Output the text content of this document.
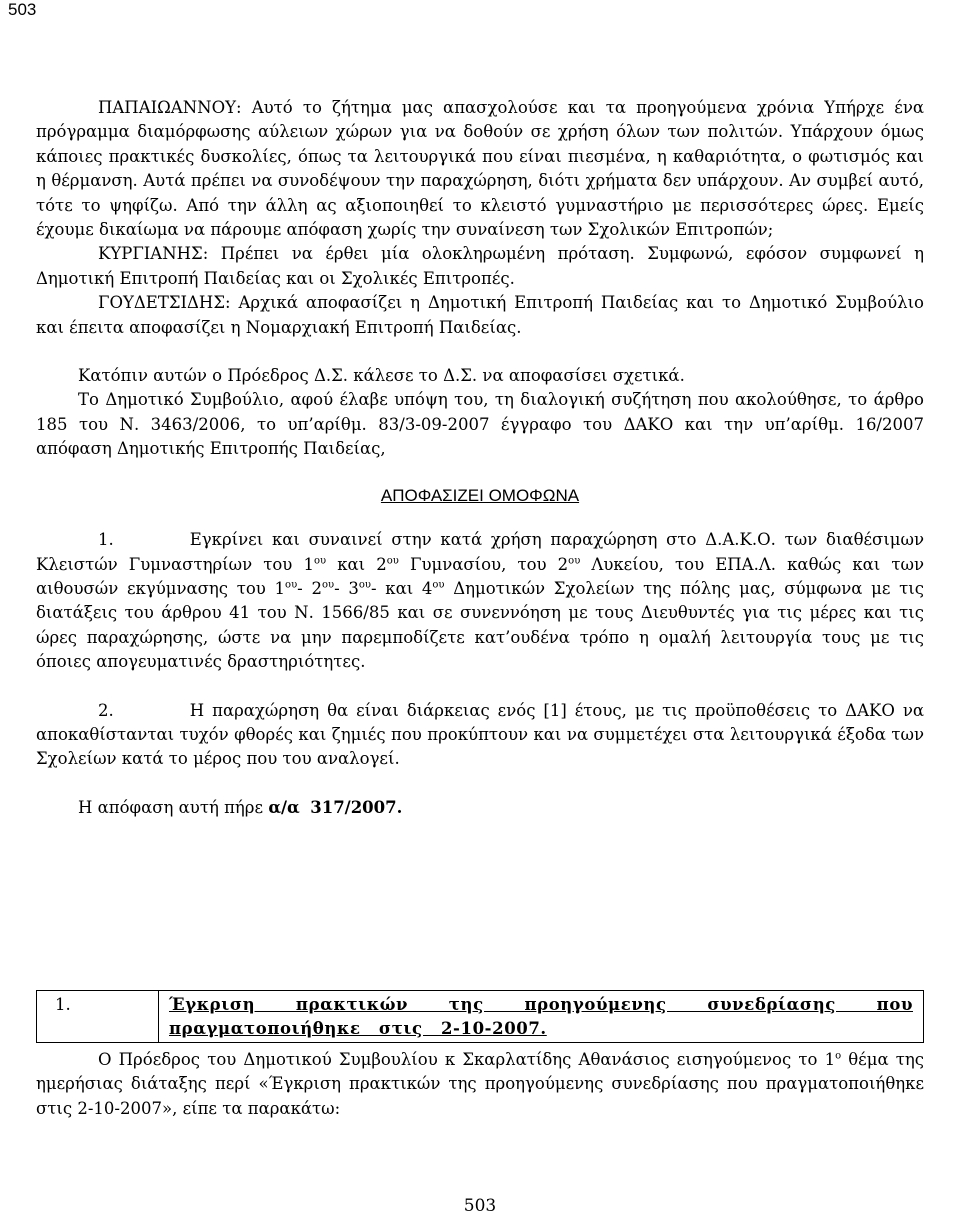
503

ΠΑΠΑΙΩΑΝΝΟΥ: Αυτό το ζήτημα μας απασχολούσε και τα προηγούμενα χρόνια Υπήρχε ένα πρόγραμμα διαμόρφωσης αύλειων χώρων για να δοθούν σε χρήση όλων των πολιτών. Υπάρχουν όμως κάποιες πρακτικές δυσκολίες, όπως τα λειτουργικά που είναι πιεσμένα, η καθαριότητα, ο φωτισμός και η θέρμανση. Αυτά πρέπει να συνοδέψουν την παραχώρηση, διότι χρήματα δεν υπάρχουν. Αν συμβεί αυτό, τότε το ψηφίζω. Από την άλλη ας αξιοποιηθεί το κλειστό γυμναστήριο με περισσότερες ώρες. Εμείς έχουμε δικαίωμα να πάρουμε απόφαση χωρίς την συναίνεση των Σχολικών Επιτροπών;

ΚΥΡΓΙΑΝΗΣ: Πρέπει να έρθει μία ολοκληρωμένη πρόταση. Συμφωνώ, εφόσον συμφωνεί η Δημοτική Επιτροπή Παιδείας και οι Σχολικές Επιτροπές.

ΓΟΥΔΕΤΣΙΔΗΣ: Αρχικά αποφασίζει η Δημοτική Επιτροπή Παιδείας και το Δημοτικό Συμβούλιο και έπειτα αποφασίζει η Νομαρχιακή Επιτροπή Παιδείας.

Κατόπιν αυτών ο Πρόεδρος Δ.Σ. κάλεσε το Δ.Σ. να αποφασίσει σχετικά.

Το Δημοτικό Συμβούλιο, αφού έλαβε υπόψη του, τη διαλογική συζήτηση που ακολούθησε, το άρθρο 185 του Ν. 3463/2006, το υπ’αρίθμ. 83/3-09-2007 έγγραφο του ΔΑΚΟ και την υπ’αρίθμ. 16/2007 απόφαση Δημοτικής Επιτροπής Παιδείας,

ΑΠΟΦΑΣΙΖΕΙ ΟΜΟΦΩΝΑ

1.	Εγκρίνει και συναινεί στην κατά χρήση παραχώρηση στο Δ.Α.Κ.Ο. των διαθέσιμων Κλειστών Γυμναστηρίων του $1^{o\upsilon}$ και $2^{o\upsilon}$ Γυμνασίου, του $2^{o\upsilon}$ Λυκείου, του ΕΠΑ.Λ. καθώς και των αιθουσών εκγύμνασης του $1^{o\upsilon}-$ $2^{o\upsilon}-$ $3^{o\upsilon}-$ και $4^{o\upsilon}$ Δημοτικών Σχολείων της πόλης μας, σύμφωνα με τις διατάξεις του άρθρου 41 του Ν. 1566/85 και σε συνεννόηση με τους Διευθυντές για τις μέρες και τις ώρες παραχώρησης, ώστε να μην παρεμποδίζετε κατ’ουδένα τρόπο η ομαλή λειτουργία τους με τις όποιες απογευματινές δραστηριότητες.

2.	Η παραχώρηση θα είναι διάρκειας ενός [1] έτους, με τις προϋποθέσεις το ΔΑΚΟ να αποκαθίστανται τυχόν φθορές και ζημιές που προκύπτουν και να συμμετέχει στα λειτουργικά έξοδα των Σχολείων κατά το μέρος που του αναλογεί.

Η απόφαση αυτή πήρε α/α 317/2007.

1.	Έγκριση πρακτικών της προηγούμενης συνεδρίασης που πραγματοποιήθηκε στις 2-10-2007.

Ο Πρόεδρος του Δημοτικού Συμβουλίου κ Σκαρλατίδης Αθανάσιος εισηγούμενος το $1^o$ θέμα της ημερήσιας διάταξης περί «Έγκριση πρακτικών της προηγούμενης συνεδρίασης που πραγματοποιήθηκε στις 2-10-2007», είπε τα παρακάτω:

503
